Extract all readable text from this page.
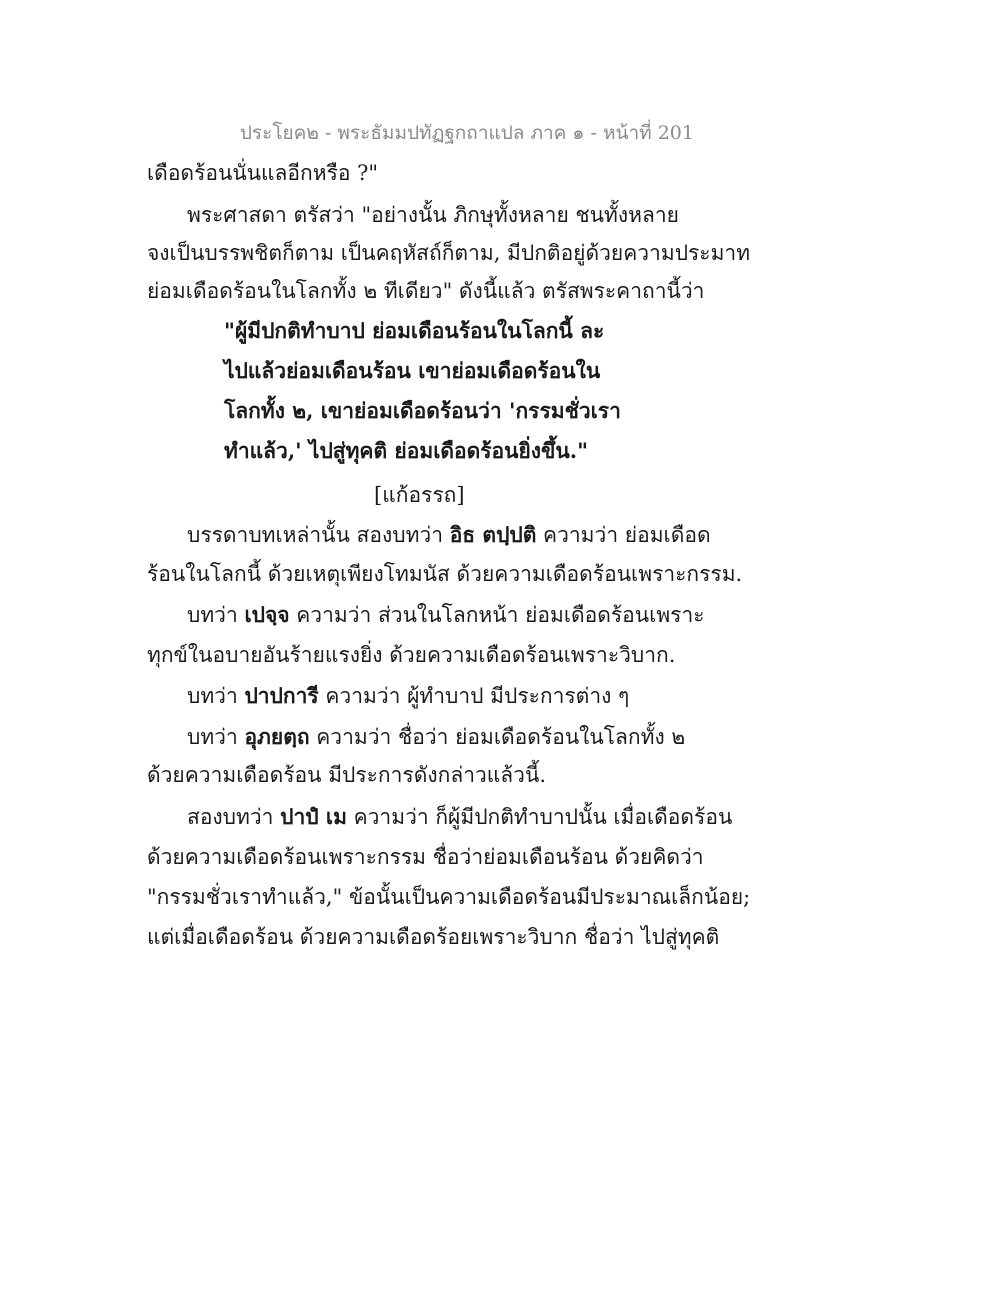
ประโยค๒ - พระธัมมปทัฏฐกถาแปล ภาค ๑ - หน้าที่ 201
เดือดร้อนนั่นแลอีกหรือ ?"
พระศาสดา ตรัสว่า "อย่างนั้น ภิกษุทั้งหลาย ชนทั้งหลาย
จงเป็นบรรพชิตก็ตาม เป็นคฤหัสถ์ก็ตาม, มีปกติอยู่ด้วยความประมาท
ย่อมเดือดร้อนในโลกทั้ง ๒ ทีเดียว" ดังนี้แล้ว ตรัสพระคาถานี้ว่า
"ผู้มีปกติทำบาป ย่อมเดือนร้อนในโลกนี้ ละ
ไปแล้วย่อมเดือนร้อน เขาย่อมเดือดร้อนใน
โลกทั้ง ๒, เขาย่อมเดือดร้อนว่า 'กรรมชั่วเรา
ทำแล้ว,' ไปสู่ทุคติ ย่อมเดือดร้อนยิ่งขึ้น."
[แก้อรรถ]
บรรดาบทเหล่านั้น สองบทว่า อิธ ตปฺปติ ความว่า ย่อมเดือด
ร้อนในโลกนี้ ด้วยเหตุเพียงโทมนัส ด้วยความเดือดร้อนเพราะกรรม.
บทว่า เปจฺจ ความว่า ส่วนในโลกหน้า ย่อมเดือดร้อนเพราะ
ทุกข์ในอบายอันร้ายแรงยิ่ง ด้วยความเดือดร้อนเพราะวิบาก.
บทว่า ปาปการี ความว่า ผู้ทำบาป มีประการต่าง ๆ
บทว่า อุภยตฺถ ความว่า ชื่อว่า ย่อมเดือดร้อนในโลกทั้ง ๒
ด้วยความเดือดร้อน มีประการดังกล่าวแล้วนี้.
สองบทว่า ปาปํ เม ความว่า ก็ผู้มีปกติทำบาปนั้น เมื่อเดือดร้อน
ด้วยความเดือดร้อนเพราะกรรม ชื่อว่าย่อมเดือนร้อน ด้วยคิดว่า
"กรรมชั่วเราทำแล้ว," ข้อนั้นเป็นความเดือดร้อนมีประมาณเล็กน้อย;
แต่เมื่อเดือดร้อน ด้วยความเดือดร้อยเพราะวิบาก ชื่อว่า ไปสู่ทุคติ
